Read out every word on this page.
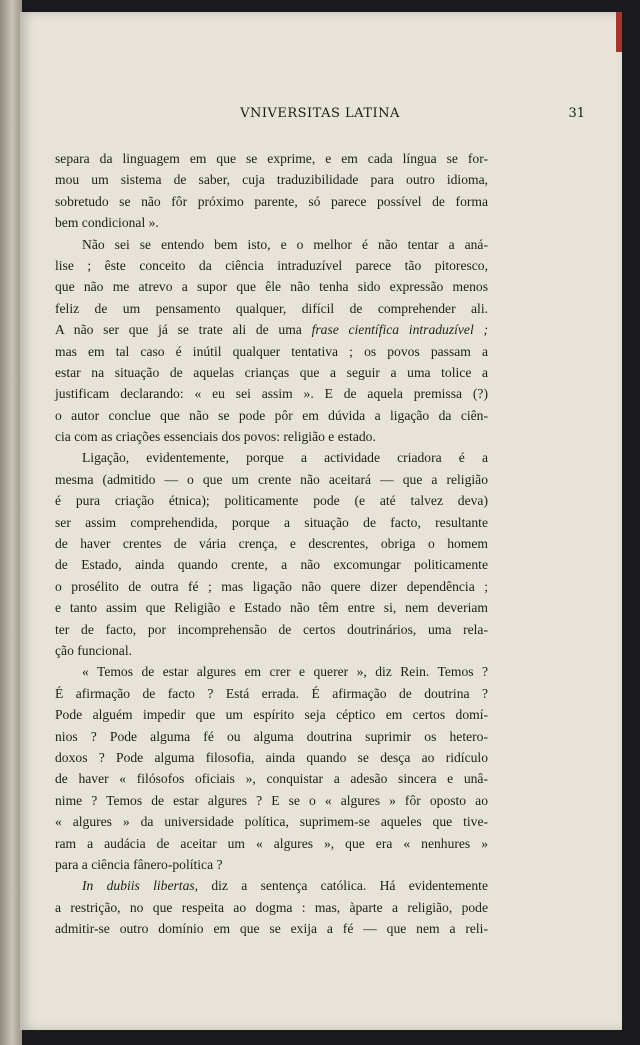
VNIVERSITAS LATINA	31
separa da linguagem em que se exprime, e em cada língua se for-
mou um sistema de saber, cuja traduzibilidade para outro idioma,
sobretudo se não fôr próximo parente, só parece possível de forma
bem condicional ».
Não sei se entendo bem isto, e o melhor é não tentar a aná-
lise ; êste conceito da ciência intraduzível parece tão pitoresco,
que não me atrevo a supor que êle não tenha sido expressão menos
feliz de um pensamento qualquer, difícil de comprehender ali.
A não ser que já se trate ali de uma frase científica intraduzível ;
mas em tal caso é inútil qualquer tentativa ; os povos passam a
estar na situação de aquelas crianças que a seguir a uma tolice a
justificam declarando: « eu sei assim ». E de aquela premissa (?)
o autor conclue que não se pode pôr em dúvida a ligação da ciên-
cia com as criações essenciais dos povos: religião e estado.
Ligação, evidentemente, porque a actividade criadora é a
mesma (admitido — o que um crente não aceitará — que a religião
é pura criação étnica); politicamente pode (e até talvez deva)
ser assim comprehendida, porque a situação de facto, resultante
de haver crentes de vária crença, e descrentes, obriga o homem
de Estado, ainda quando crente, a não excomungar politicamente
o prosélito de outra fé ; mas ligação não quere dizer dependência ;
e tanto assim que Religião e Estado não têm entre si, nem deveriam
ter de facto, por incomprehensão de certos doutrinários, uma rela-
ção funcional.
« Temos de estar algures em crer e querer », diz Rein. Temos ?
É afirmação de facto ? Está errada. É afirmação de doutrina ?
Pode alguém impedir que um espírito seja céptico em certos domí-
nios ? Pode alguma fé ou alguma doutrina suprimir os hetero-
doxos ? Pode alguma filosofia, ainda quando se desça ao ridículo
de haver « filósofos oficiais », conquistar a adesão sincera e unâ-
nime ? Temos de estar algures ? E se o « algures » fôr oposto ao
« algures » da universidade política, suprimem-se aqueles que tive-
ram a audácia de aceitar um « algures », que era « nenhures »
para a ciência fânero-política ?
In dubiis libertas, diz a sentença católica. Há evidentemente
a restrição, no que respeita ao dogma : mas, àparte a religião, pode
admitir-se outro domínio em que se exija a fé — que nem a reli-
